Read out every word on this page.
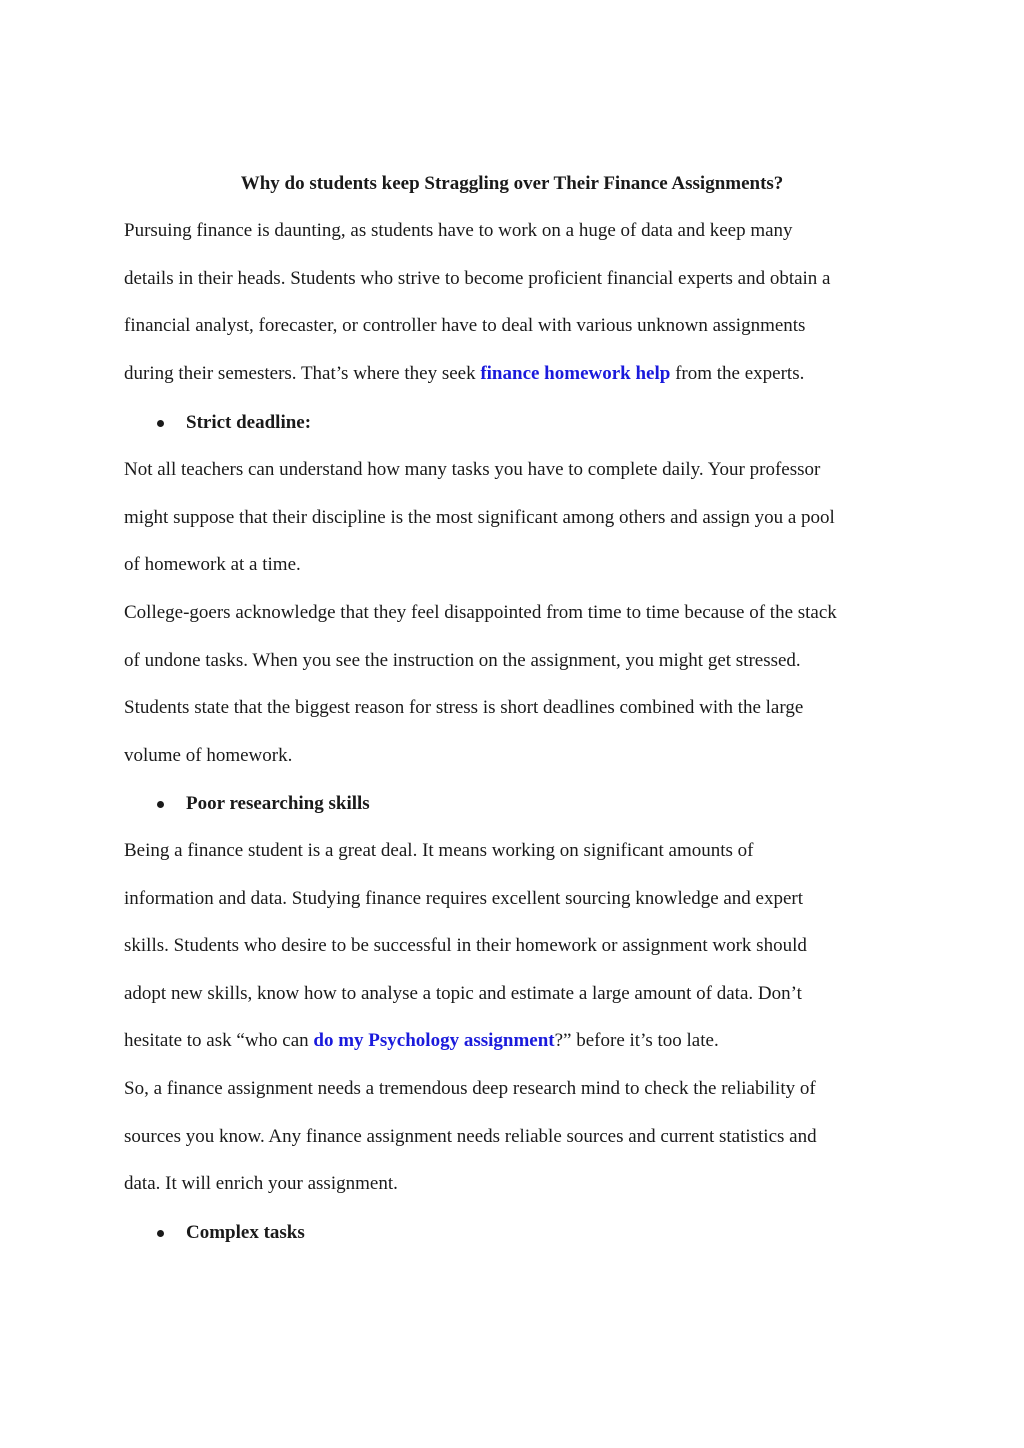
Why do students keep Straggling over Their Finance Assignments?

Pursuing finance is daunting, as students have to work on a huge of data and keep many
details in their heads. Students who strive to become proficient financial experts and obtain a
financial analyst, forecaster, or controller have to deal with various unknown assignments
during their semesters. That’s where they seek finance homework help from the experts.

Strict deadline:

Not all teachers can understand how many tasks you have to complete daily. Your professor
might suppose that their discipline is the most significant among others and assign you a pool
of homework at a time.

College-goers acknowledge that they feel disappointed from time to time because of the stack
of undone tasks. When you see the instruction on the assignment, you might get stressed.
Students state that the biggest reason for stress is short deadlines combined with the large
volume of homework.

Poor researching skills

Being a finance student is a great deal. It means working on significant amounts of
information and data. Studying finance requires excellent sourcing knowledge and expert
skills. Students who desire to be successful in their homework or assignment work should
adopt new skills, know how to analyse a topic and estimate a large amount of data. Don’t
hesitate to ask “who can do my Psychology assignment?” before it’s too late.

So, a finance assignment needs a tremendous deep research mind to check the reliability of
sources you know. Any finance assignment needs reliable sources and current statistics and
data. It will enrich your assignment.

Complex tasks
